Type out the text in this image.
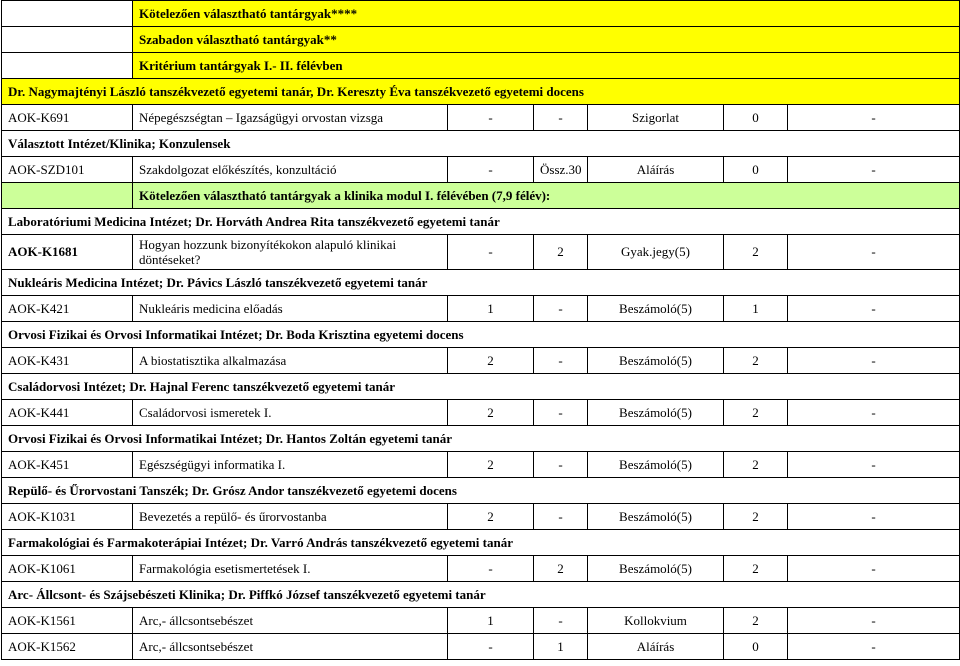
	Kötelezően választható tantárgyak****					
	Szabadon választható tantárgyak**					
	Kritérium tantárgyak I.- II. félévben					
Dr. Nagymajtényi László tanszékvezető egyetemi tanár, Dr. Kereszty Éva tanszékvezető egyetemi docens						
AOK-K691	Népegészségtan – Igazságügyi orvostan vizsga	-	-	Szigorlat	0	-
Választott Intézet/Klinika; Konzulensek						
AOK-SZD101	Szakdolgozat előkészítés, konzultáció	-	Össz.30	Aláírás	0	-
	Kötelezően választható tantárgyak a klinika modul I. félévében (7,9 félév):					
Laboratóriumi Medicina Intézet; Dr. Horváth Andrea Rita tanszékvezető egyetemi tanár						
AOK-K1681	Hogyan hozzunk bizonyítékokon alapuló klinikai döntéseket?	-	2	Gyak.jegy(5)	2	-
Nukleáris Medicina Intézet; Dr. Pávics László tanszékvezető egyetemi tanár						
AOK-K421	Nukleáris medicina előadás	1	-	Beszámoló(5)	1	-
Orvosi Fizikai és Orvosi Informatikai Intézet; Dr. Boda Krisztina egyetemi docens						
AOK-K431	A biostatisztika alkalmazása	2	-	Beszámoló(5)	2	-
Családorvosi Intézet; Dr. Hajnal Ferenc tanszékvezető egyetemi tanár						
AOK-K441	Családorvosi ismeretek I.	2	-	Beszámoló(5)	2	-
Orvosi Fizikai és Orvosi Informatikai Intézet; Dr. Hantos Zoltán egyetemi tanár						
AOK-K451	Egészségügyi informatika I.	2	-	Beszámoló(5)	2	-
Repülő- és Űrorvostani Tanszék; Dr. Grósz Andor tanszékvezető egyetemi docens						
AOK-K1031	Bevezetés a repülő- és űrorvostanba	2	-	Beszámoló(5)	2	-
Farmakológiai és Farmakoterápiai Intézet; Dr. Varró András tanszékvezető egyetemi tanár						
AOK-K1061	Farmakológia esetismertetések I.	-	2	Beszámoló(5)	2	-
Arc- Állcsont- és Szájsebészeti Klinika; Dr. Piffkó József tanszékvezető egyetemi tanár						
AOK-K1561	Arc,- állcsontsebészet	1	-	Kollokvium	2	-
AOK-K1562	Arc,- állcsontsebészet	-	1	Aláírás	0	-
